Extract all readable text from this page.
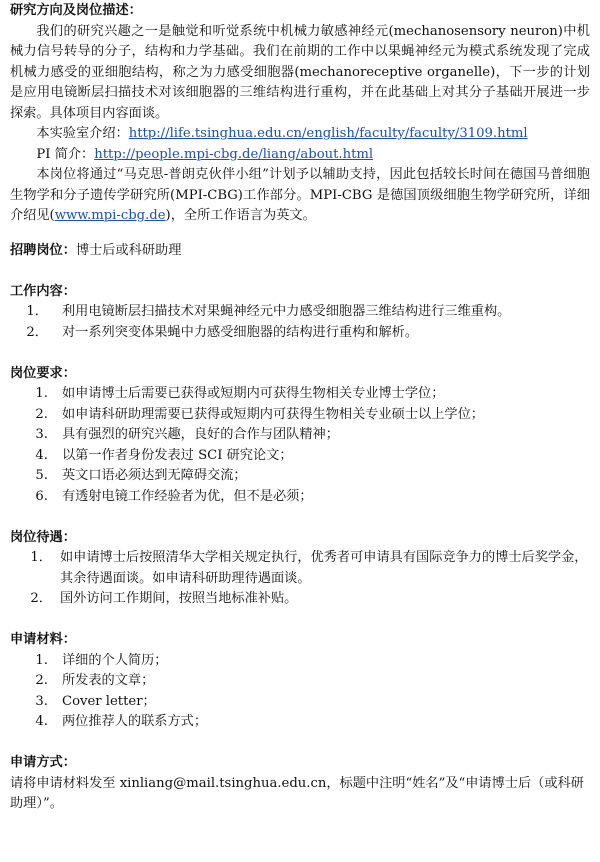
研究方向及岗位描述：
我们的研究兴趣之一是触觉和听觉系统中机械力敏感神经元(mechanosensory neuron)中机械力信号转导的分子，结构和力学基础。我们在前期的工作中以果蝇神经元为模式系统发现了完成机械力感受的亚细胞结构，称之为力感受细胞器(mechanoreceptive organelle)，下一步的计划是应用电镜断层扫描技术对该细胞器的三维结构进行重构，并在此基础上对其分子基础开展进一步探索。具体项目内容面谈。
本实验室介绍：http://life.tsinghua.edu.cn/english/faculty/faculty/3109.html
PI 简介：http://people.mpi-cbg.de/liang/about.html
本岗位将通过“马克思-普朗克伙伴小组”计划予以辅助支持，因此包括较长时间在德国马普细胞生物学和分子遗传学研究所(MPI-CBG)工作部分。MPI-CBG 是德国顶级细胞生物学研究所，详细介绍见(www.mpi-cbg.de)，全所工作语言为英文。
招聘岗位：博士后或科研助理
工作内容：
1．	利用电镜断层扫描技术对果蝇神经元中力感受细胞器三维结构进行三维重构。
2．	对一系列突变体果蝇中力感受细胞器的结构进行重构和解析。
岗位要求：
1.	如申请博士后需要已获得或短期内可获得生物相关专业博士学位；
2.	如申请科研助理需要已获得或短期内可获得生物相关专业硕士以上学位；
3.	具有强烈的研究兴趣，良好的合作与团队精神；
4.	以第一作者身份发表过 SCI 研究论文；
5.	英文口语必须达到无障碍交流；
6.	有透射电镜工作经验者为优，但不是必须；
岗位待遇：
1． 如申请博士后按照清华大学相关规定执行，优秀者可申请具有国际竞争力的博士后奖学金，其余待遇面谈。如申请科研助理待遇面谈。
2． 国外访问工作期间，按照当地标准补贴。
申请材料：
1.	详细的个人简历；
2.	所发表的文章；
3.	Cover letter；
4.	两位推荐人的联系方式；
申请方式：
请将申请材料发至 xinliang@mail.tsinghua.edu.cn，标题中注明“姓名”及“申请博士后（或科研助理）”。
